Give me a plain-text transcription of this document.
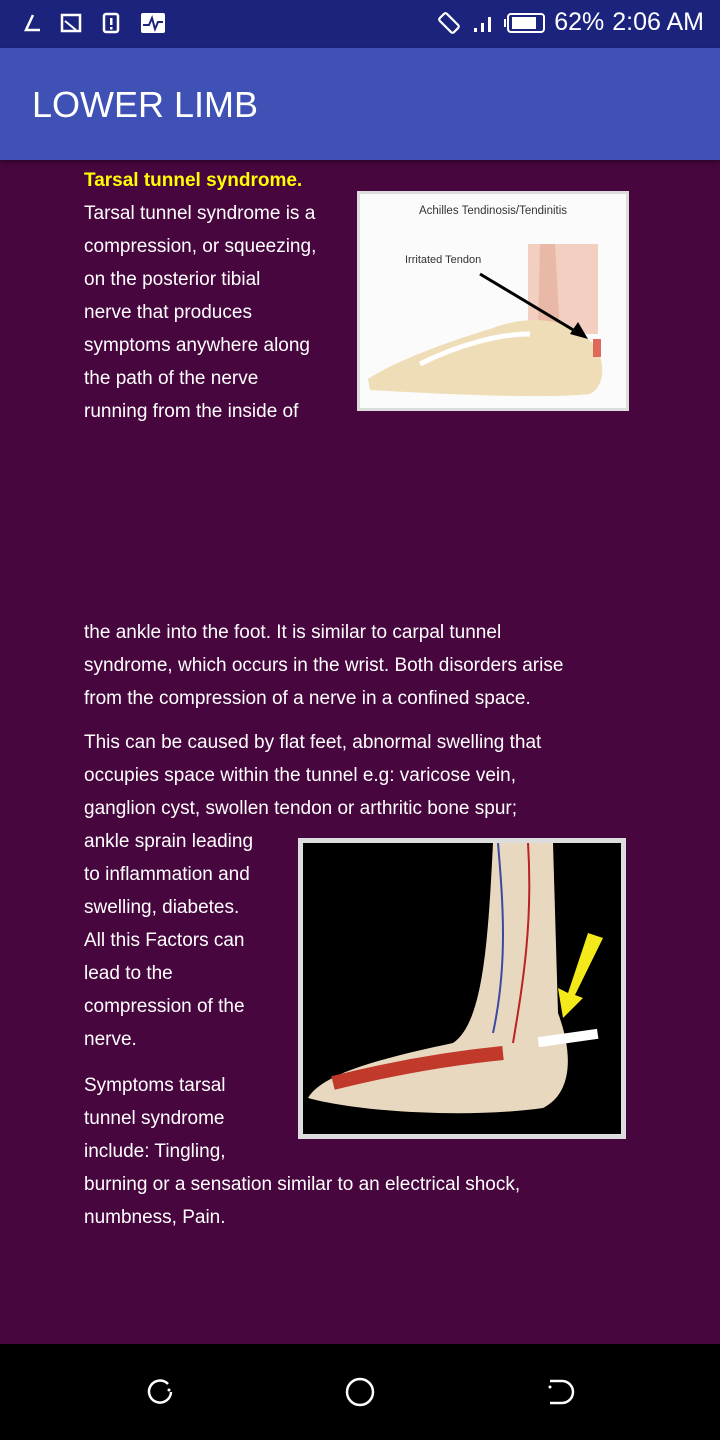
62% 2:06 AM
LOWER LIMB
Tarsal tunnel syndrome.
Tarsal tunnel syndrome is a
compression, or squeezing,
on the posterior tibial
nerve that produces
symptoms anywhere along
the path of the nerve
running from the inside of
Achilles Tendinosis/Tendinitis
Irritated Tendon
the ankle into the foot. It is similar to carpal tunnel
syndrome, which occurs in the wrist. Both disorders arise
from the compression of a nerve in a confined space.
This can be caused by flat feet, abnormal swelling that
occupies space within the tunnel e.g: varicose vein,
ganglion cyst, swollen tendon or arthritic bone spur;
ankle sprain leading
to inflammation and
swelling, diabetes.
All this Factors can
lead to the
compression of the
nerve.
Symptoms tarsal
tunnel syndrome
include: Tingling,
burning or a sensation similar to an electrical shock,
numbness, Pain.
